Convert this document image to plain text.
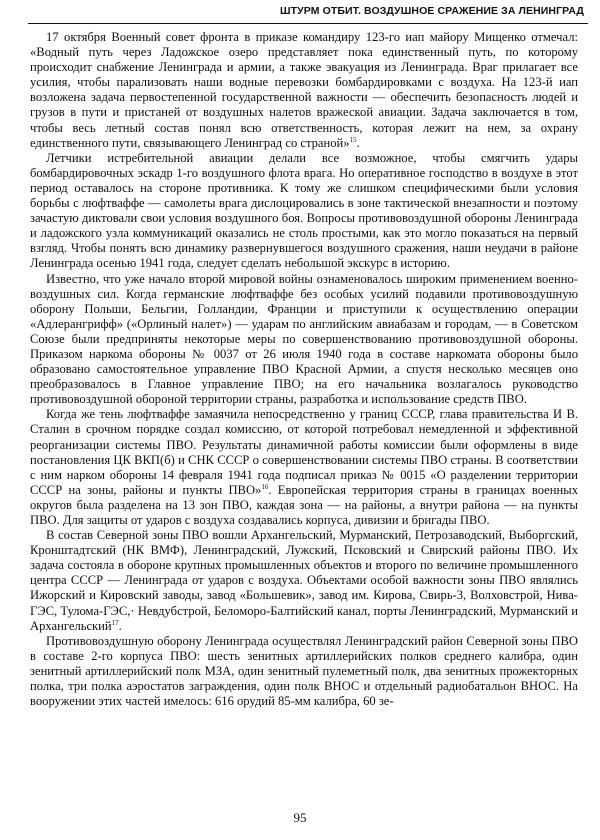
ШТУРМ ОТБИТ. ВОЗДУШНОЕ СРАЖЕНИЕ ЗА ЛЕНИНГРАД

17 октября Военный совет фронта в приказе командиру 123-го иап майору Мищенко отмечал: «Водный путь через Ладожское озеро представляет пока единственный путь, по которому происходит снабжение Ленинграда и армии, а также эвакуация из Ленинграда. Враг прилагает все усилия, чтобы парализовать наши водные перевозки бомбардировками с воздуха. На 123-й иап возложена задача первостепенной государственной важности — обеспечить безопасность людей и грузов в пути и пристаней от воздушных налетов вражеской авиации. Задача заключается в том, чтобы весь летный состав понял всю ответственность, которая лежит на нем, за охрану единственного пути, связывающего Ленинград со страной»$^{15}$.

Летчики истребительной авиации делали все возможное, чтобы смягчить удары бомбардировочных эскадр 1-го воздушного флота врага. Но оперативное господство в воздухе в этот период оставалось на стороне противника. К тому же слишком специфическими были условия борьбы с люфтваффе — самолеты врага дислоцировались в зоне тактической внезапности и поэтому зачастую диктовали свои условия воздушного боя. Вопросы противовоздушной обороны Ленинграда и ладожского узла коммуникаций оказались не столь простыми, как это могло показаться на первый взгляд. Чтобы понять всю динамику развернувшегося воздушного сражения, наши неудачи в районе Ленинграда осенью 1941 года, следует сделать небольшой экскурс в историю.

Известно, что уже начало второй мировой войны ознаменовалось широким применением военно-воздушных сил. Когда германские люфтваффе без особых усилий подавили противовоздушную оборону Польши, Бельгии, Голландии, Франции и приступили к осуществлению операции «Адлерангрифф» («Орлиный налет») — ударам по английским авиабазам и городам, — в Советском Союзе были предприняты некоторые меры по совершенствованию противовоздушной обороны. Приказом наркома обороны № 0037 от 26 июля 1940 года в составе наркомата обороны было образовано самостоятельное управление ПВО Красной Армии, а спустя несколько месяцев оно преобразовалось в Главное управление ПВО; на его начальника возлагалось руководство противовоздушной обороной территории страны, разработка и использование средств ПВО.

Когда же тень люфтваффе замаячила непосредственно у границ СССР, глава правительства И В. Сталин в срочном порядке создал комиссию, от которой потребовал немедленной и эффективной реорганизации системы ПВО. Результаты динамичной работы комиссии были оформлены в виде постановления ЦК ВКП(б) и СНК СССР о совершенствовании системы ПВО страны. В соответствии с ним нарком обороны 14 февраля 1941 года подписал приказ № 0015 «О разделении территории СССР на зоны, районы и пункты ПВО»$^{16}$. Европейская территория страны в границах военных округов была разделена на 13 зон ПВО, каждая зона — на районы, а внутри района — на пункты ПВО. Для защиты от ударов с воздуха создавались корпуса, дивизии и бригады ПВО.

В состав Северной зоны ПВО вошли Архангельский, Мурманский, Петрозаводский, Выборгский, Кронштадтский (НК ВМФ), Ленинградский, Лужский, Псковский и Свирский районы ПВО. Их задача состояла в обороне крупных промышленных объектов и второго по величине промышленного центра СССР — Ленинграда от ударов с воздуха. Объектами особой важности зоны ПВО являлись Ижорский и Кировский заводы, завод «Большевик», завод им. Кирова, Свирь-3, Волховстрой, Нива-ГЭС, Тулома-ГЭС,· Невдубстрой, Беломоро-Балтийский канал, порты Ленинградский, Мурманский и Архангельский$^{17}$.

Противовоздушную оборону Ленинграда осуществлял Ленинградский район Северной зоны ПВО в составе 2-го корпуса ПВО: шесть зенитных артиллерийских полков среднего калибра, один зенитный артиллерийский полк МЗА, один зенитный пулеметный полк, два зенитных прожекторных полка, три полка аэростатов заграждения, один полк ВНОС и отдельный радиобатальон ВНОС. На вооружении этих частей имелось: 616 орудий 85-мм калибра, 60 зе-

95
